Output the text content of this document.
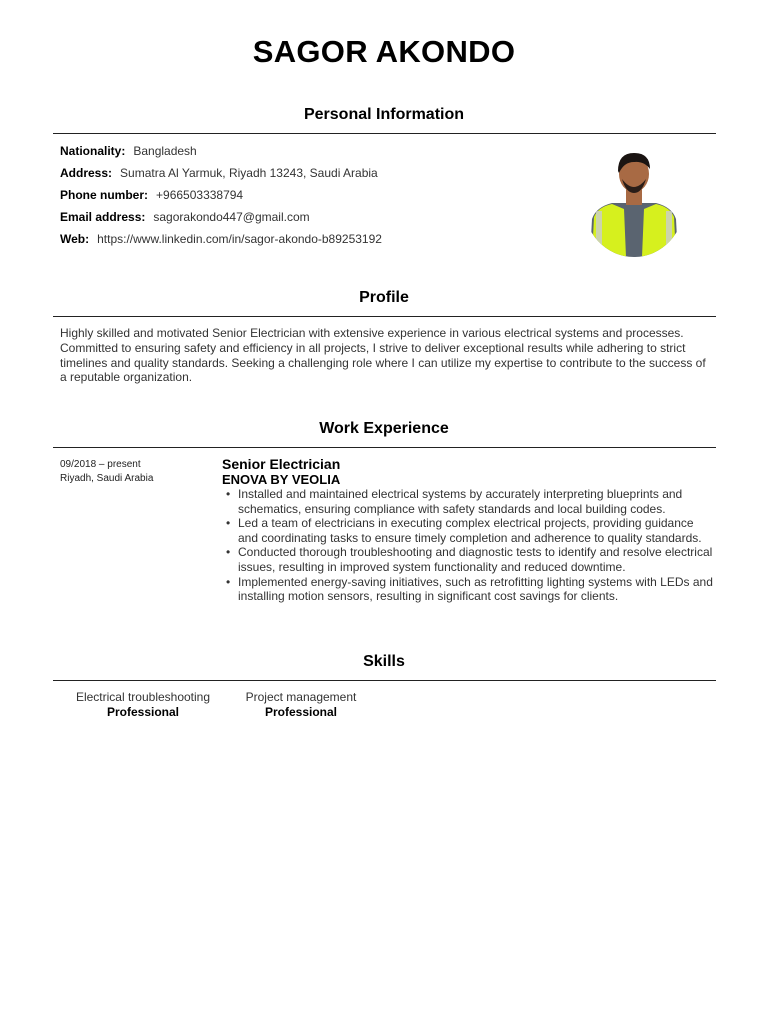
SAGOR AKONDO
Personal Information
Nationality: Bangladesh
Address: Sumatra Al Yarmuk, Riyadh 13243, Saudi Arabia
Phone number: +966503338794
Email address: sagorakondo447@gmail.com
Web: https://www.linkedin.com/in/sagor-akondo-b89253192
Profile
Highly skilled and motivated Senior Electrician with extensive experience in various electrical systems and processes. Committed to ensuring safety and efficiency in all projects, I strive to deliver exceptional results while adhering to strict timelines and quality standards. Seeking a challenging role where I can utilize my expertise to contribute to the success of a reputable organization.
Work Experience
09/2018 – present
Riyadh, Saudi Arabia
Senior Electrician
ENOVA BY VEOLIA
• Installed and maintained electrical systems by accurately interpreting blueprints and schematics, ensuring compliance with safety standards and local building codes.
• Led a team of electricians in executing complex electrical projects, providing guidance and coordinating tasks to ensure timely completion and adherence to quality standards.
• Conducted thorough troubleshooting and diagnostic tests to identify and resolve electrical issues, resulting in improved system functionality and reduced downtime.
• Implemented energy-saving initiatives, such as retrofitting lighting systems with LEDs and installing motion sensors, resulting in significant cost savings for clients.
Skills
Electrical troubleshooting
Professional
Project management
Professional
